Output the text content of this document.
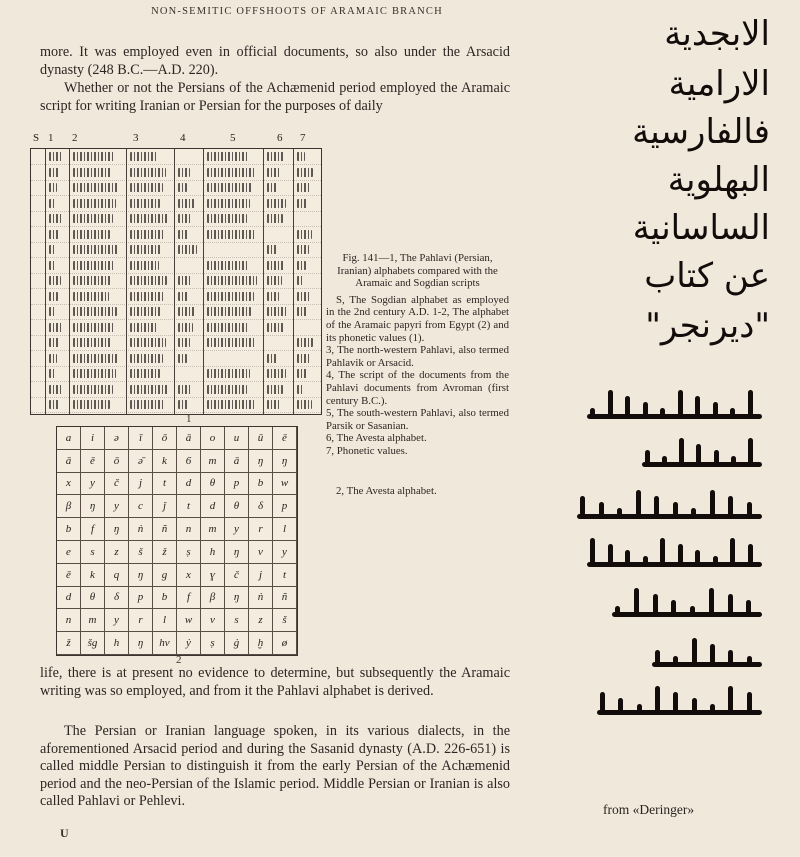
NON-SEMITIC OFFSHOOTS OF ARAMAIC BRANCH
more. It was employed even in official documents, so also under the Arsacid dynasty (248 B.C.—A.D. 220).
Whether or not the Persians of the Achæmenid period employed the Aramaic script for writing Iranian or Persian for the purposes of daily
S 1 2	3	4	5	6 7
1
a	i	ə	ī	ō	ā	o	u	ū	ē
ā	ē	ō	ə̄	k	6	m	ā	ŋ	ŋ
x	y	č	j	t	d	θ	p	b	w
β	ŋ	y	c	ǰ	t	d	θ	δ	p
b	f	ŋ	ṅ	ñ	n	m	y	r	l
e	s	z	š	ž	ṣ	h	ŋ	v	y
ē	k	q	ŋ	g	x	ɣ	č	j	t
d	θ	δ	p	b	f	β	ŋ	ṅ	ñ
n	m	y	r	l	w	v	s	z	š
ž	šg	h	ŋ	hv	ẏ	ṣ	ġ	ḫ	ø
2

Fig. 141—1, The Pahlavi (Persian, Iranian) alphabets compared with the Aramaic and Sogdian scripts

S, The Sogdian alphabet as employed in the 2nd century A.D. 1-2, The alphabet of the Aramaic papyri from Egypt (2) and its phonetic values (1).

3, The north-western Pahlavi, also termed Pahlavik or Arsacid.

4, The script of the documents from the Pahlavi documents from Avroman (first century B.C.).

5, The south-western Pahlavi, also termed Parsik or Sasanian.

6, The Avesta alphabet.

7, Phonetic values.

2, The Avesta alphabet.
life, there is at present no evidence to determine, but subsequently the Aramaic writing was so employed, and from it the Pahlavi alphabet is derived.
The Persian or Iranian language spoken, in its various dialects, in the aforementioned Arsacid period and during the Sasanid dynasty (A.D. 226-651) is called middle Persian to distinguish it from the early Persian of the Achæmenid period and the neo-Persian of the Islamic period. Middle Persian or Iranian is also called Pahlavi or Pehlevi.
U
الابجدية
الارامية
فالفارسية
البهلوية
الساسانية
عن كتاب
"ديرنجر"
from «Deringer»
